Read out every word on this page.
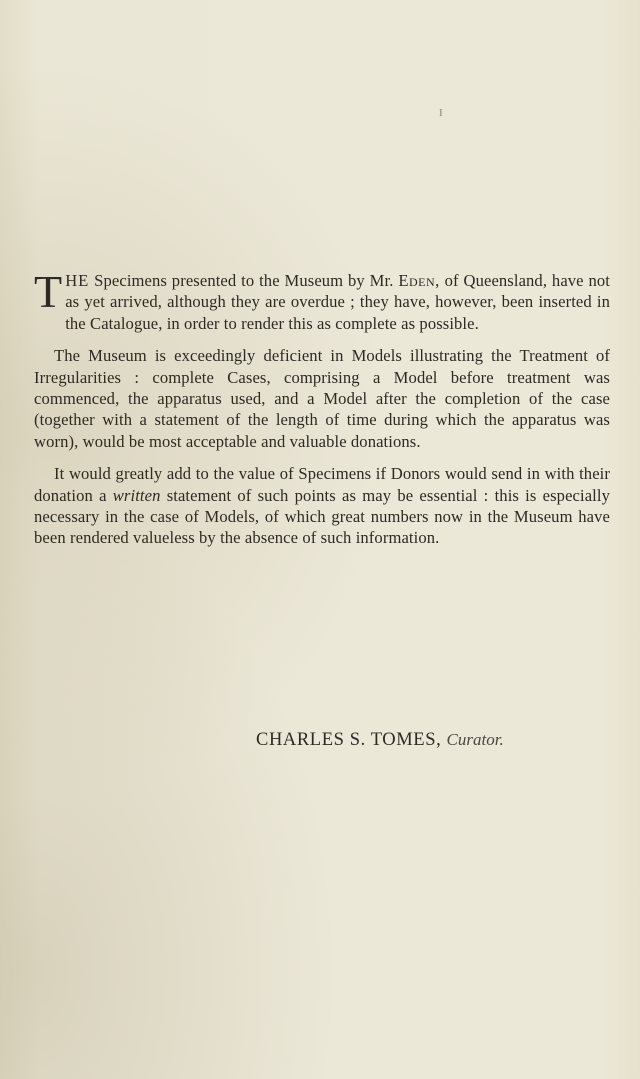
I

THE Specimens presented to the Museum by Mr. Eden, of Queensland, have not as yet arrived, although they are overdue ; they have, however, been inserted in the Catalogue, in order to render this as complete as possible.

The Museum is exceedingly deficient in Models illustrating the Treatment of Irregularities : complete Cases, comprising a Model before treatment was commenced, the apparatus used, and a Model after the completion of the case (together with a statement of the length of time during which the apparatus was worn), would be most acceptable and valuable donations.

It would greatly add to the value of Specimens if Donors would send in with their donation a written statement of such points as may be essential : this is especially necessary in the case of Models, of which great numbers now in the Museum have been rendered valueless by the absence of such information.

CHARLES S. TOMES, Curator.
